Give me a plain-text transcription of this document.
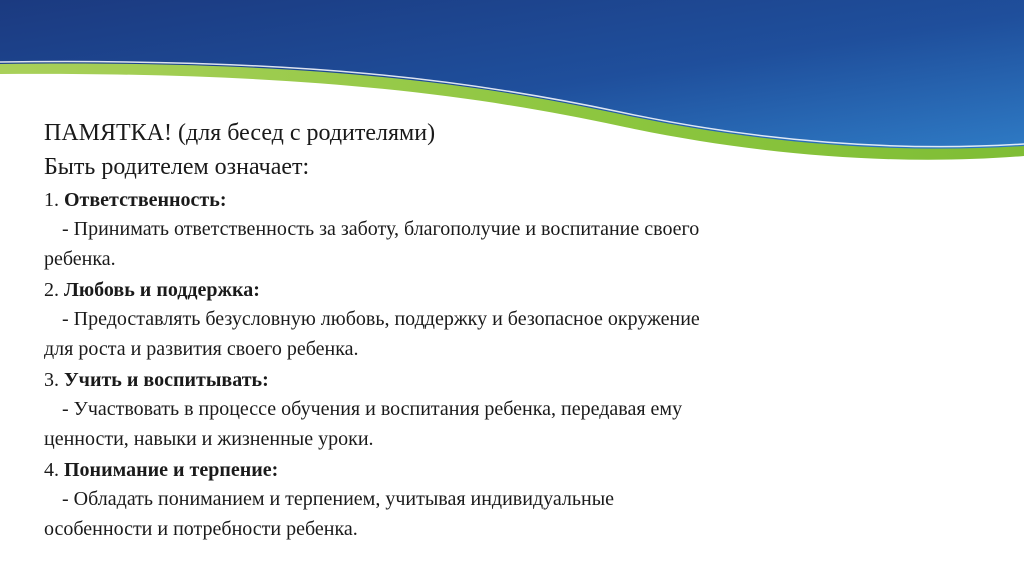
ПАМЯТКА! (для бесед с родителями)

Быть родителем означает:

1. Ответственность:

- Принимать ответственность за заботу, благополучие и воспитание своего
ребенка.

2. Любовь и поддержка:

- Предоставлять безусловную любовь, поддержку и безопасное окружение
для роста и развития своего ребенка.

3. Учить и воспитывать:

- Участвовать в процессе обучения и воспитания ребенка, передавая ему
ценности, навыки и жизненные уроки.

4. Понимание и терпение:

- Обладать пониманием и терпением, учитывая индивидуальные
особенности и потребности ребенка.
